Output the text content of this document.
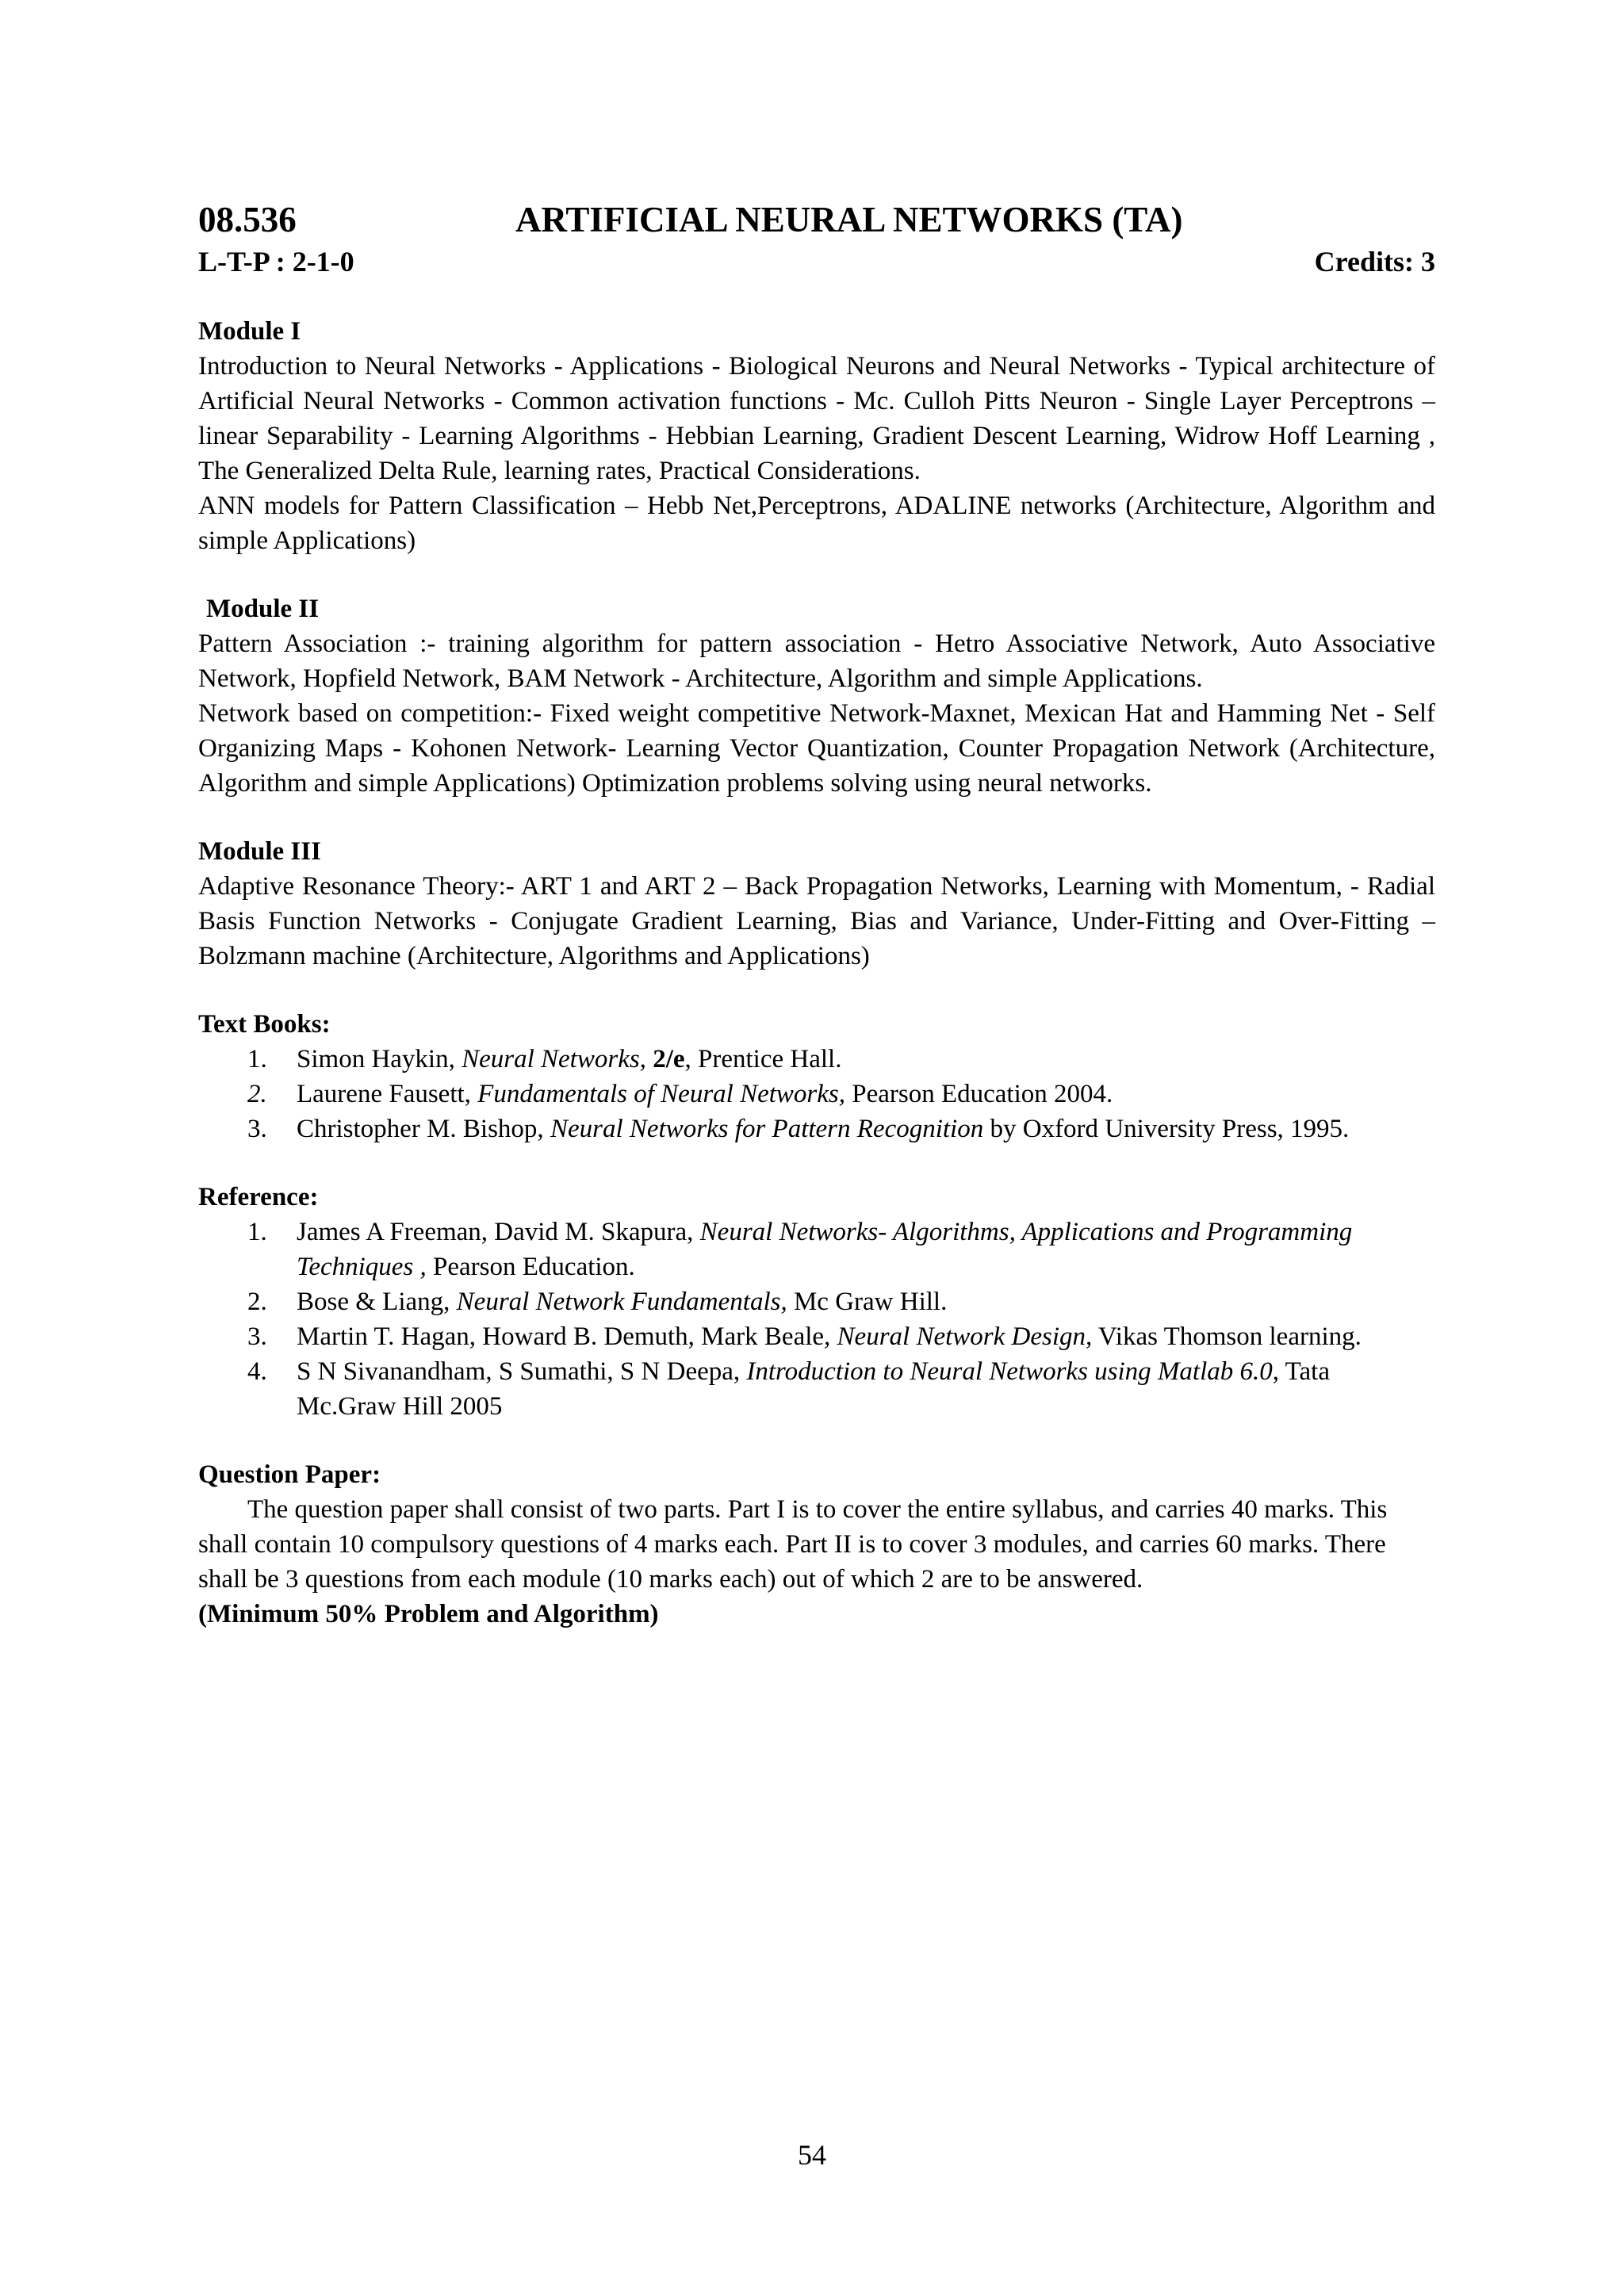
08.536	ARTIFICIAL NEURAL NETWORKS (TA)
L-T-P : 2-1-0	Credits: 3
Module I
Introduction to Neural Networks - Applications - Biological Neurons and Neural Networks - Typical architecture of Artificial Neural Networks - Common activation functions - Mc. Culloh Pitts Neuron - Single Layer Perceptrons – linear Separability - Learning Algorithms - Hebbian Learning, Gradient Descent Learning, Widrow Hoff Learning , The Generalized Delta Rule, learning rates, Practical Considerations.
ANN models for Pattern Classification – Hebb Net,Perceptrons, ADALINE networks (Architecture, Algorithm and simple Applications)
Module II
Pattern Association :- training algorithm for pattern association - Hetro Associative Network, Auto Associative Network, Hopfield Network, BAM Network - Architecture, Algorithm and simple Applications.
Network based on competition:- Fixed weight competitive Network-Maxnet, Mexican Hat and Hamming Net - Self Organizing Maps - Kohonen Network- Learning Vector Quantization, Counter Propagation Network (Architecture, Algorithm and simple Applications) Optimization problems solving using neural networks.
Module III
Adaptive Resonance Theory:- ART 1 and ART 2 – Back Propagation Networks, Learning with Momentum, - Radial Basis Function Networks - Conjugate Gradient Learning, Bias and Variance, Under-Fitting and Over-Fitting – Bolzmann machine (Architecture, Algorithms and Applications)
Text Books:
1.	Simon Haykin, Neural Networks, 2/e, Prentice Hall.
2.	Laurene Fausett, Fundamentals of Neural Networks, Pearson Education 2004.
3.	Christopher M. Bishop, Neural Networks for Pattern Recognition by Oxford University Press, 1995.
Reference:
1.	James A Freeman, David M. Skapura, Neural Networks- Algorithms, Applications and Programming Techniques , Pearson Education.
2.	Bose & Liang, Neural Network Fundamentals, Mc Graw Hill.
3.	Martin T. Hagan, Howard B. Demuth, Mark Beale, Neural Network Design, Vikas Thomson learning.
4.	S N Sivanandham, S Sumathi, S N Deepa, Introduction to Neural Networks using Matlab 6.0, Tata Mc.Graw Hill 2005
Question Paper:
The question paper shall consist of two parts. Part I is to cover the entire syllabus, and carries 40 marks. This shall contain 10 compulsory questions of 4 marks each. Part II is to cover 3 modules, and carries 60 marks. There shall be 3 questions from each module (10 marks each) out of which 2 are to be answered.
(Minimum 50% Problem and Algorithm)
54
